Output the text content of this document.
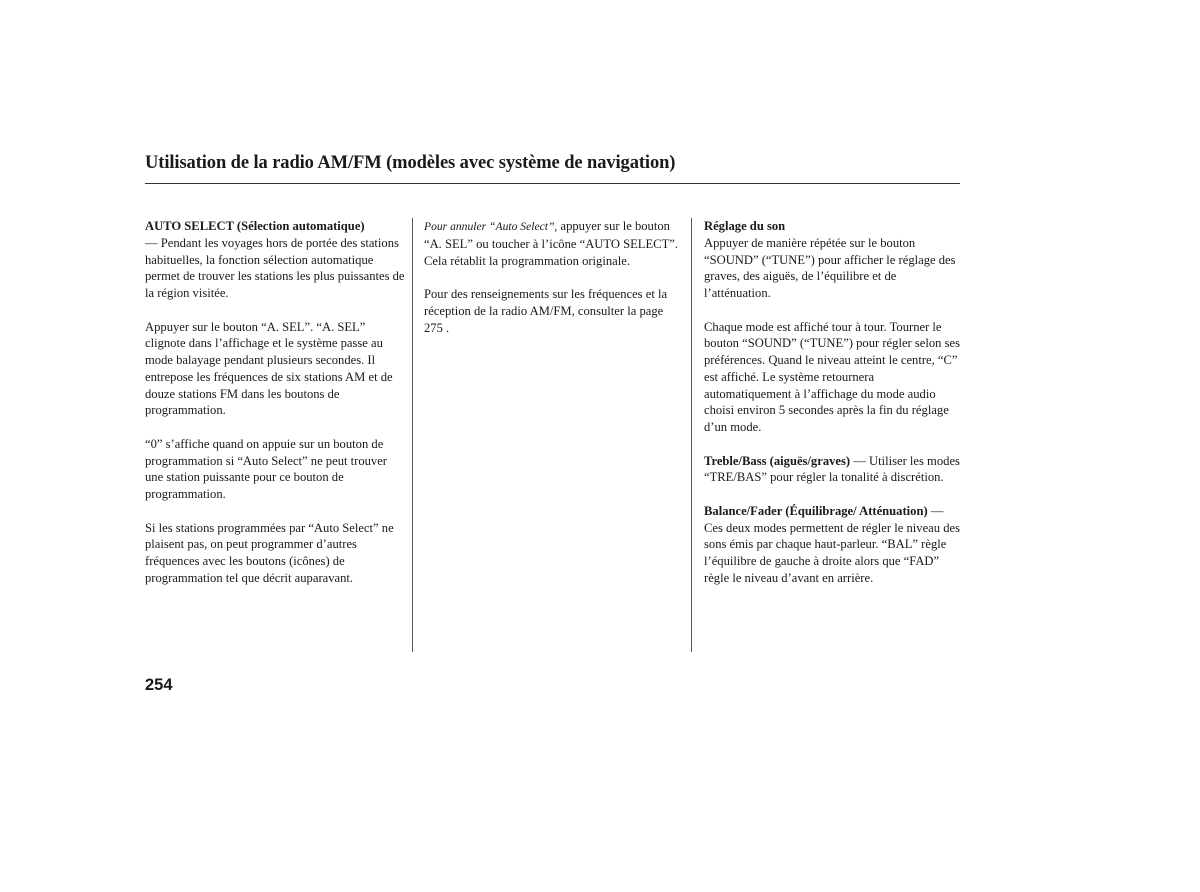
Utilisation de la radio AM/FM (modèles avec système de navigation)

AUTO SELECT (Sélection automatique)
— Pendant les voyages hors de portée des stations habituelles, la fonction sélection automatique permet de trouver les stations les plus puissantes de la région visitée.

Appuyer sur le bouton “A. SEL”. “A. SEL” clignote dans l’affichage et le système passe au mode balayage pendant plusieurs secondes. Il entrepose les fréquences de six stations AM et de douze stations FM dans les boutons de programmation.

“0” s’affiche quand on appuie sur un bouton de programmation si “Auto Select” ne peut trouver une station puissante pour ce bouton de programmation.

Si les stations programmées par “Auto Select” ne plaisent pas, on peut programmer d’autres fréquences avec les boutons (icônes) de programmation tel que décrit auparavant.

Pour annuler “Auto Select”, appuyer sur le bouton “A. SEL” ou toucher à l’icône “AUTO SELECT”. Cela rétablit la programmation originale.

Pour des renseignements sur les fréquences et la réception de la radio AM/FM, consulter la page 275 .

Réglage du son
Appuyer de manière répétée sur le bouton “SOUND” (“TUNE”) pour afficher le réglage des graves, des aiguës, de l’équilibre et de l’atténuation.

Chaque mode est affiché tour à tour. Tourner le bouton “SOUND” (“TUNE”) pour régler selon ses préférences. Quand le niveau atteint le centre, “C” est affiché. Le système retournera automatiquement à l’affichage du mode audio choisi environ 5 secondes après la fin du réglage d’un mode.

Treble/Bass (aiguës/graves) — Utiliser les modes “TRE/BAS” pour régler la tonalité à discrétion.

Balance/Fader (Équilibrage/ Atténuation) — Ces deux modes permettent de régler le niveau des sons émis par chaque haut-parleur. “BAL” règle l’équilibre de gauche à droite alors que “FAD” règle le niveau d’avant en arrière.

254
